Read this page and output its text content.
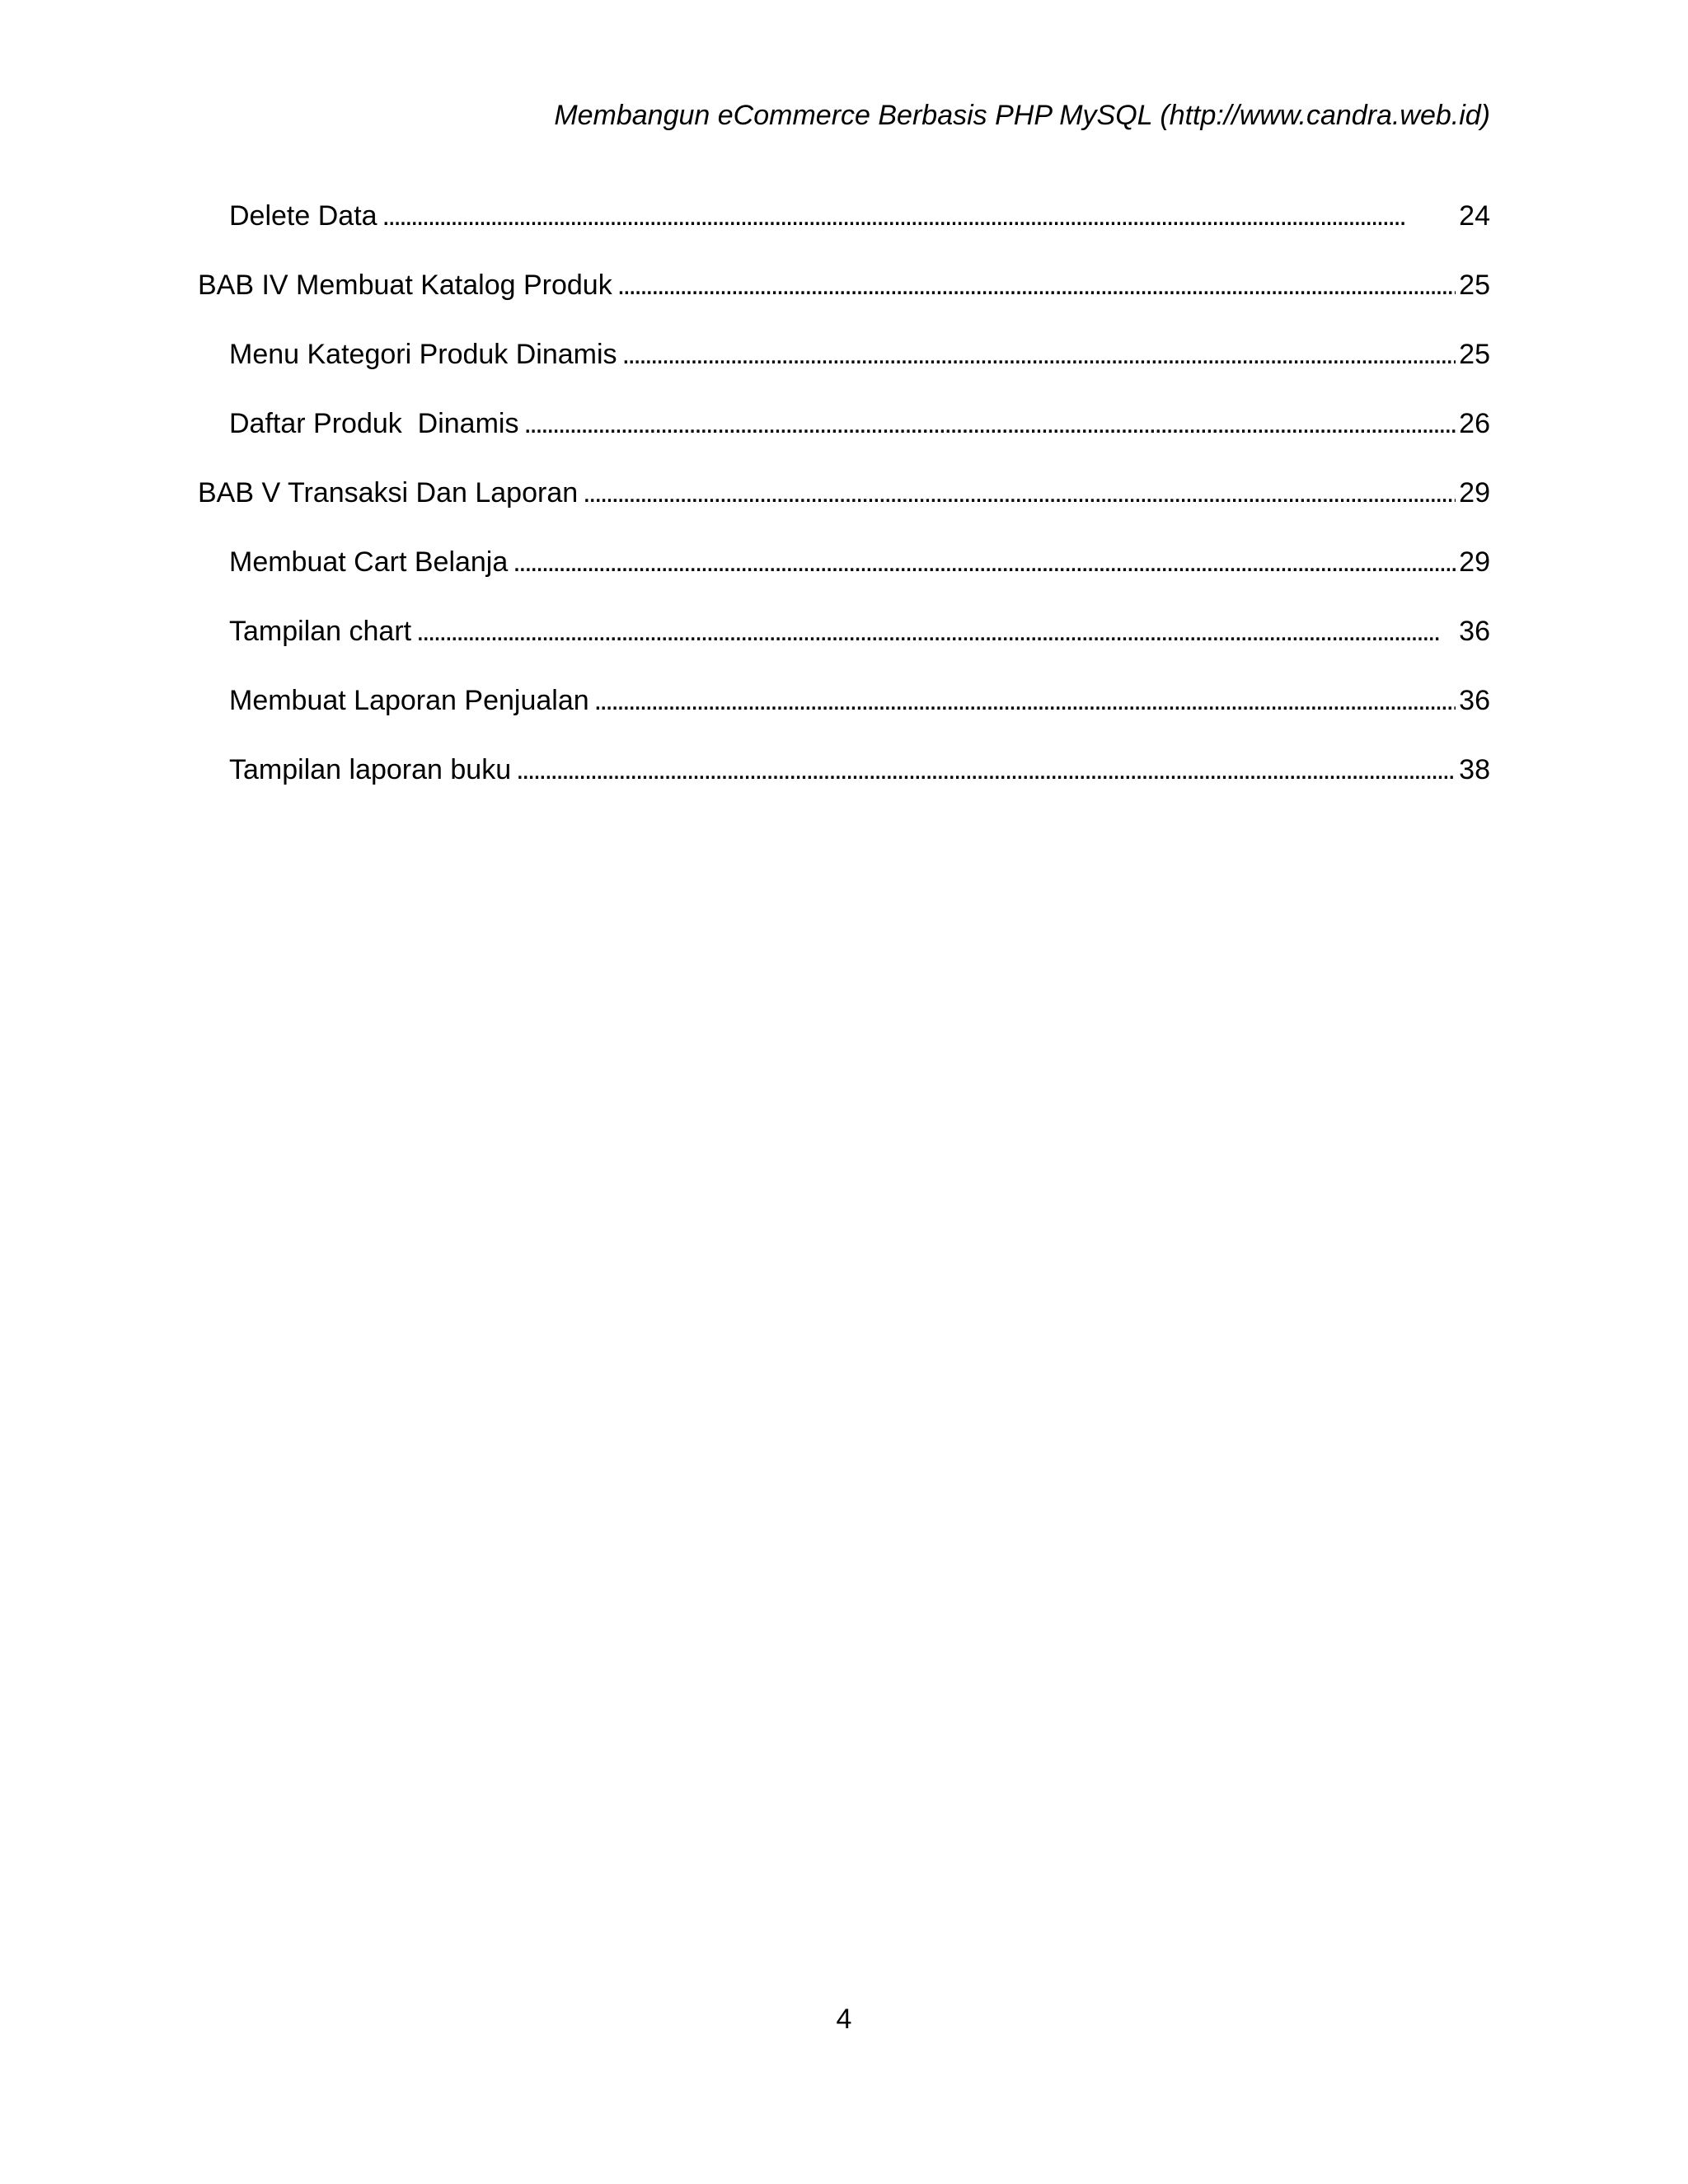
Membangun eCommerce Berbasis PHP MySQL (http://www.candra.web.id)
Delete Data . . .	24
BAB IV Membuat Katalog Produk . . .	25
Menu Kategori Produk Dinamis . . .	25
Daftar Produk  Dinamis . . .	26
BAB V Transaksi Dan Laporan . . .	29
Membuat Cart Belanja . . .	29
Tampilan chart . . .	36
Membuat Laporan Penjualan . . .	36
Tampilan laporan buku . . .	38
4
